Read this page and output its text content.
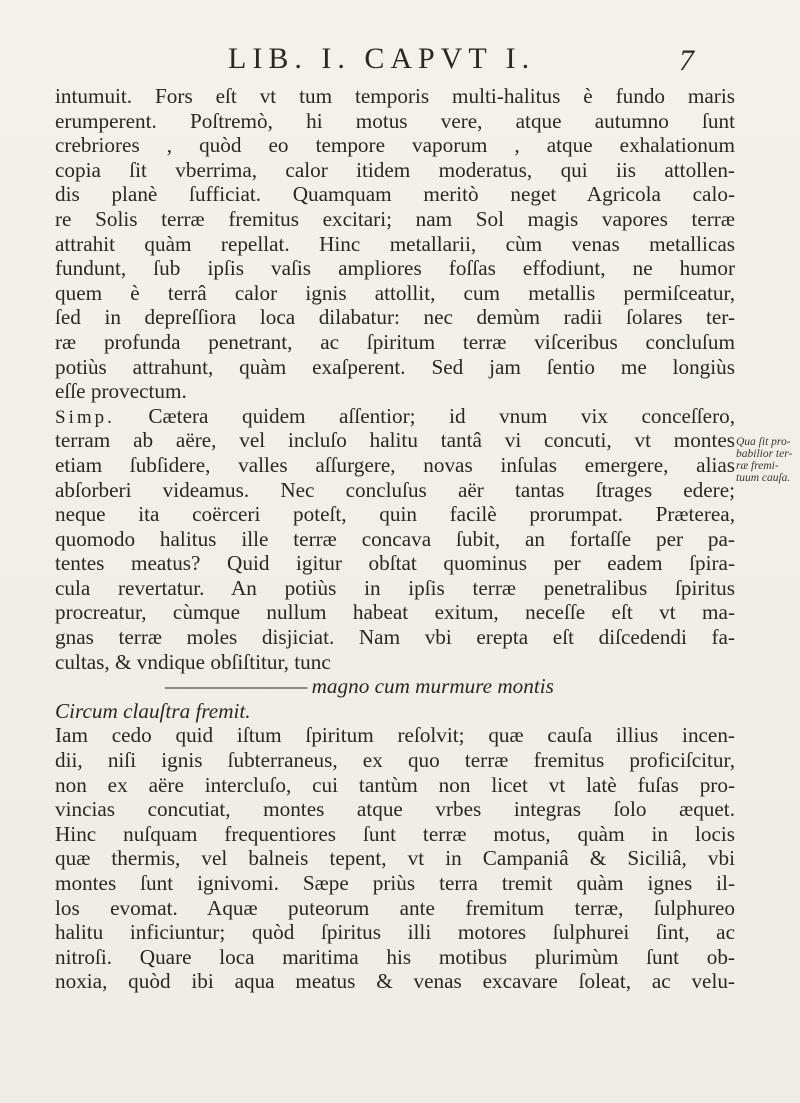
LIB. I. CAPVT I.	7
intumuit. Fors eſt vt tum temporis multi-halitus è fundo maris
erumperent. Poſtremò, hi motus vere, atque autumno ſunt
crebriores , quòd eo tempore vaporum , atque exhalationum
copia ſit vberrima, calor itidem moderatus, qui iis attollen-
dis planè ſufficiat. Quamquam meritò neget Agricola calo-
re Solis terræ fremitus excitari; nam Sol magis vapores terræ
attrahit quàm repellat. Hinc metallarii, cùm venas metallicas
fundunt, ſub ipſis vaſis ampliores foſſas effodiunt, ne humor
quem è terrâ calor ignis attollit, cum metallis permiſceatur,
ſed in depreſſiora loca dilabatur: nec demùm radii ſolares ter-
ræ profunda penetrant, ac ſpiritum terræ viſceribus concluſum
potiùs attrahunt, quàm exaſperent. Sed jam ſentio me longiùs
eſſe provectum.
Simp. Cætera quidem aſſentior; id vnum vix conceſſero,
terram ab aëre, vel incluſo halitu tantâ vi concuti, vt montes
etiam ſubſidere, valles aſſurgere, novas inſulas emergere, alias
abſorberi videamus. Nec concluſus aër tantas ſtrages edere;
neque ita coërceri poteſt, quin facilè prorumpat. Præterea,
quomodo halitus ille terræ concava ſubit, an fortaſſe per pa-
tentes meatus? Quid igitur obſtat quominus per eadem ſpira-
cula revertatur. An potiùs in ipſis terræ penetralibus ſpiritus
procreatur, cùmque nullum habeat exitum, neceſſe eſt vt ma-
gnas terræ moles disjiciat. Nam vbi erepta eſt diſcedendi fa-
cultas, & vndique obſiſtitur, tunc
——————— magno cum murmure montis
Circum clauſtra fremit.
Iam cedo quid iſtum ſpiritum reſolvit; quæ cauſa illius incen-
dii, niſi ignis ſubterraneus, ex quo terræ fremitus proficiſcitur,
non ex aëre intercluſo, cui tantùm non licet vt latè fuſas pro-
vincias concutiat, montes atque vrbes integras ſolo æquet.
Hinc nuſquam frequentiores ſunt terræ motus, quàm in locis
quæ thermis, vel balneis tepent, vt in Campaniâ & Siciliâ, vbi
montes ſunt ignivomi. Sæpe priùs terra tremit quàm ignes il-
los evomat. Aquæ puteorum ante fremitum terræ, ſulphureo
halitu inficiuntur; quòd ſpiritus illi motores ſulphurei ſint, ac
nitroſi. Quare loca maritima his motibus plurimùm ſunt ob-
noxia, quòd ibi aqua meatus & venas excavare ſoleat, ac velu-
Qua ſit pro-
babilior ter-
ræ fremi-
tuum cauſa.
